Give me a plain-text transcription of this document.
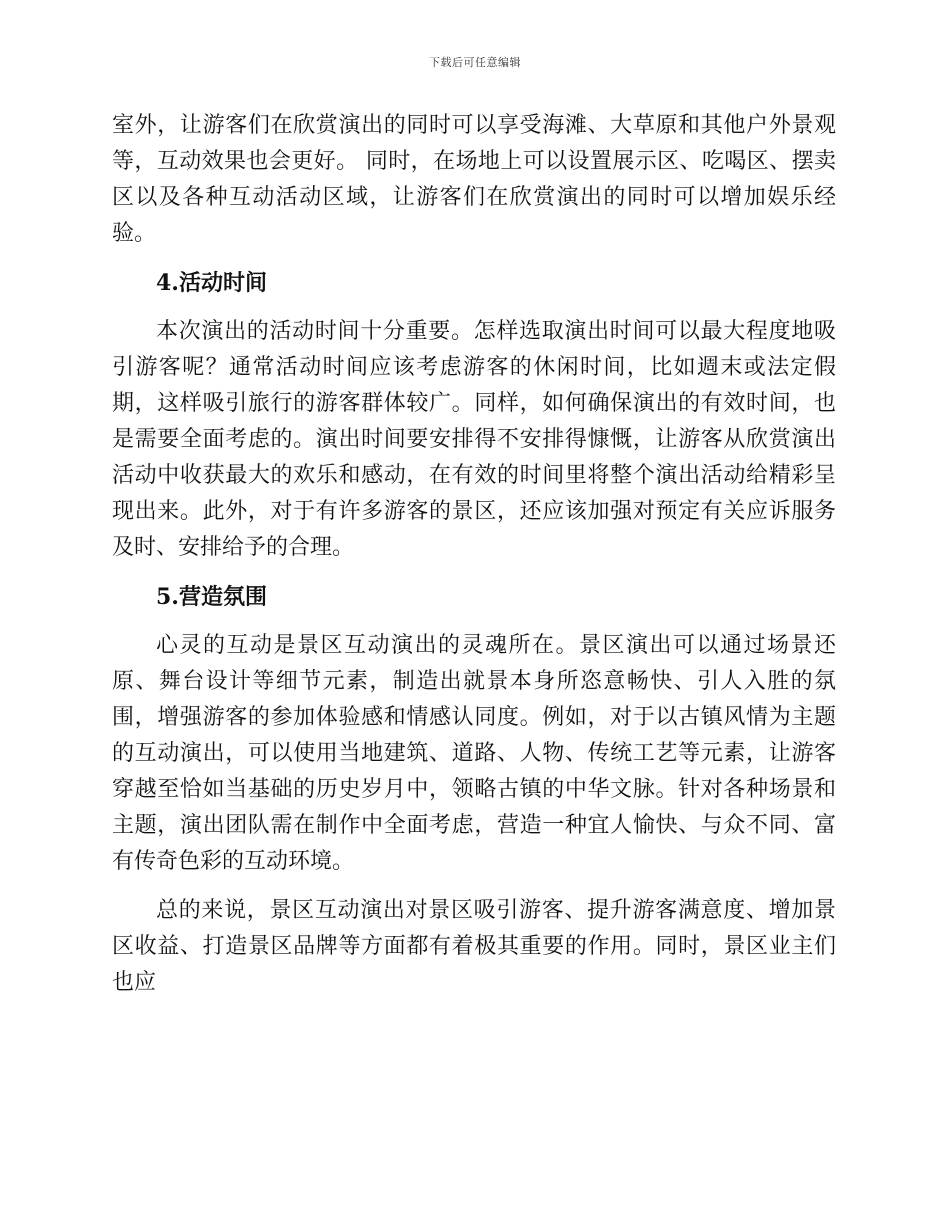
下载后可任意编辑

室外，让游客们在欣赏演出的同时可以享受海滩、大草原和其他户外景观等，互动效果也会更好。 同时，在场地上可以设置展示区、吃喝区、摆卖区以及各种互动活动区域，让游客们在欣赏演出的同时可以增加娱乐经验。

4.活动时间

本次演出的活动时间十分重要。怎样选取演出时间可以最大程度地吸引游客呢？通常活动时间应该考虑游客的休闲时间，比如週末或法定假期，这样吸引旅行的游客群体较广。同样，如何确保演出的有效时间，也是需要全面考虑的。演出时间要安排得不安排得慷慨，让游客从欣赏演出活动中收获最大的欢乐和感动，在有效的时间里将整个演出活动给精彩呈现出来。此外，对于有许多游客的景区，还应该加强对预定有关应诉服务及时、安排给予的合理。

5.营造氛围

心灵的互动是景区互动演出的灵魂所在。景区演出可以通过场景还原、舞台设计等细节元素，制造出就景本身所恣意畅快、引人入胜的氛围，增强游客的参加体验感和情感认同度。例如，对于以古镇风情为主题的互动演出，可以使用当地建筑、道路、人物、传统工艺等元素，让游客穿越至恰如当基础的历史岁月中，领略古镇的中华文脉。针对各种场景和主题，演出团队需在制作中全面考虑，营造一种宜人愉快、与众不同、富有传奇色彩的互动环境。

总的来说，景区互动演出对景区吸引游客、提升游客满意度、增加景区收益、打造景区品牌等方面都有着极其重要的作用。同时，景区业主们也应
